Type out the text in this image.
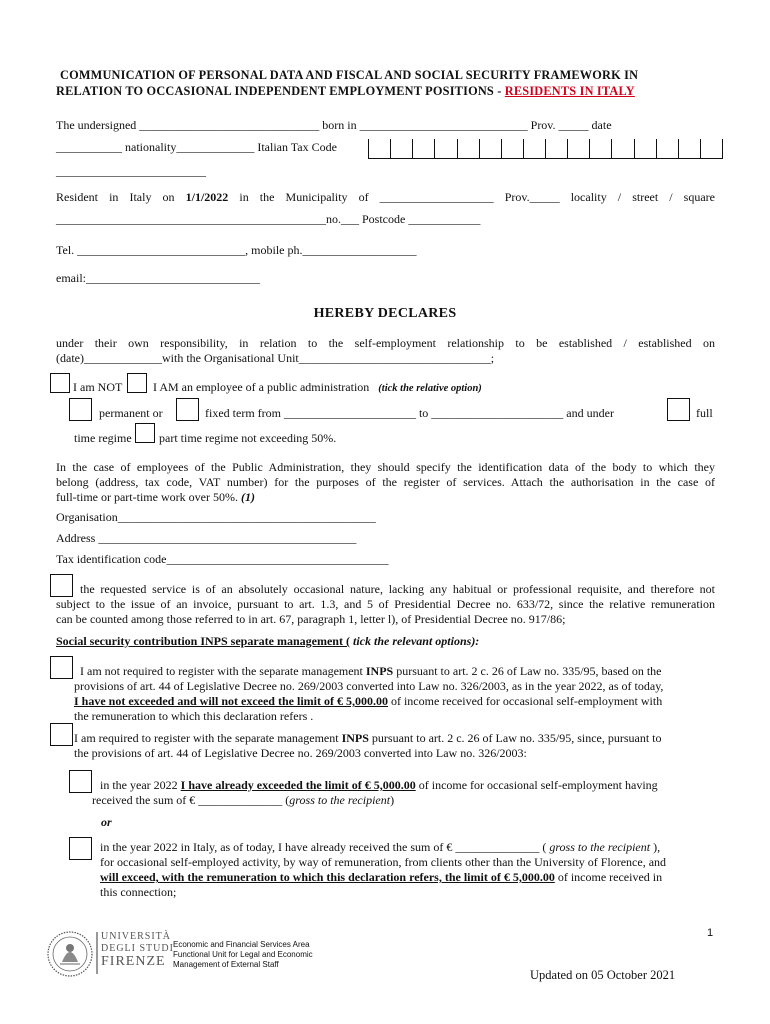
COMMUNICATION OF PERSONAL DATA AND FISCAL AND SOCIAL SECURITY FRAMEWORK IN
RELATION TO OCCASIONAL INDEPENDENT EMPLOYMENT POSITIONS - RESIDENTS IN ITALY
The undersigned ______________________________ born in ____________________________ Prov. _____ date
___________ nationality_____________ Italian Tax Code
_________________________
Resident in Italy on 1/1/2022 in the Municipality of ___________________ Prov._____ locality / street / square
_____________________________________________no.___ Postcode ____________
Tel. ____________________________, mobile ph.___________________
email:_____________________________
HEREBY DECLARES
under their own responsibility, in relation to the self-employment relationship to be established / established on
(date)_____________with the Organisational Unit________________________________;
I am NOT	I AM an employee of a public administration (tick the relative option)
permanent or	fixed term from ______________________ to ______________________ and under	full
time regime part time regime not exceeding 50%.
In the case of employees of the Public Administration, they should specify the identification data of the body to which they
belong (address, tax code, VAT number) for the purposes of the register of services. Attach the authorisation in the case of
full-time or part-time work over 50%. (1)
Organisation___________________________________________
Address ___________________________________________
Tax identification code_____________________________________
the requested service is of an absolutely occasional nature, lacking any habitual or professional requisite, and therefore not
subject to the issue of an invoice, pursuant to art. 1.3, and 5 of Presidential Decree no. 633/72, since the relative remuneration
can be counted among those referred to in art. 67, paragraph 1, letter l), of Presidential Decree no. 917/86;
Social security contribution INPS separate management ( tick the relevant options):
I am not required to register with the separate management INPS pursuant to art. 2 c. 26 of Law no. 335/95, based on the
provisions of art. 44 of Legislative Decree no. 269/2003 converted into Law no. 326/2003, as in the year 2022, as of today,
I have not exceeded and will not exceed the limit of € 5,000.00 of income received for occasional self-employment with
the remuneration to which this declaration refers .
I am required to register with the separate management INPS pursuant to art. 2 c. 26 of Law no. 335/95, since, pursuant to
the provisions of art. 44 of Legislative Decree no. 269/2003 converted into Law no. 326/2003:
in the year 2022 I have already exceeded the limit of € 5,000.00 of income for occasional self-employment having
received the sum of € ______________ (gross to the recipient)
or
in the year 2022 in Italy, as of today, I have already received the sum of € ______________ ( gross to the recipient ),
for occasional self-employed activity, by way of remuneration, from clients other than the University of Florence, and
will exceed, with the remuneration to which this declaration refers, the limit of € 5,000.00 of income received in
this connection;
1
UNIVERSITÀ
DEGLI STUDI
FIRENZE
Economic and Financial Services Area
Functional Unit for Legal and Economic
Management of External Staff
Updated on 05 October 2021
